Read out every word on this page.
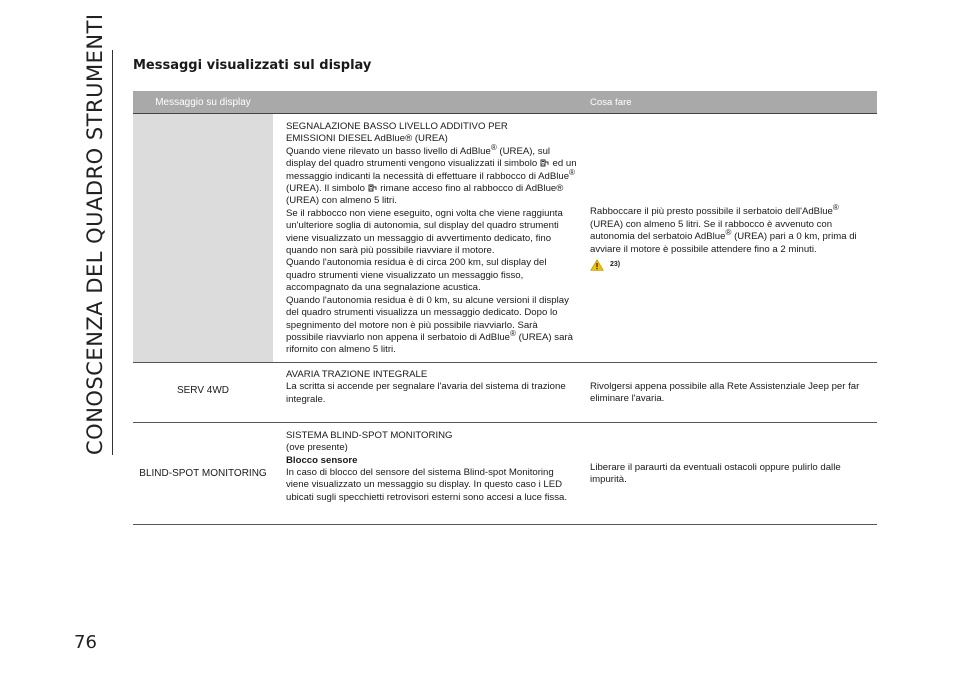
CONOSCENZA DEL QUADRO STRUMENTI
76
Messaggi visualizzati sul display
Messaggio su display	Cosa fare

SEGNALAZIONE BASSO LIVELLO ADDITIVO PER
EMISSIONI DIESEL AdBlue® (UREA)

Quando viene rilevato un basso livello di AdBlue® (UREA), sul display del quadro strumenti vengono visualizzati il simbolo ed un messaggio indicanti la necessità di effettuare il rabbocco di AdBlue® (UREA). Il simbolo rimane acceso fino al rabbocco di AdBlue® (UREA) con almeno 5 litri.

Se il rabbocco non viene eseguito, ogni volta che viene raggiunta un'ulteriore soglia di autonomia, sul display del quadro strumenti viene visualizzato un messaggio di avvertimento dedicato, fino quando non sarà più possibile riavviare il motore.

Quando l'autonomia residua è di circa 200 km, sul display del quadro strumenti viene visualizzato un messaggio fisso, accompagnato da una segnalazione acustica.

Quando l'autonomia residua è di 0 km, su alcune versioni il display del quadro strumenti visualizza un messaggio dedicato. Dopo lo spegnimento del motore non è più possibile riavviarlo. Sarà possibile riavviarlo non appena il serbatoio di AdBlue® (UREA) sarà rifornito con almeno 5 litri.

Rabboccare il più presto possibile il serbatoio dell'AdBlue® (UREA) con almeno 5 litri. Se il rabbocco è avvenuto con autonomia del serbatoio AdBlue® (UREA) pari a 0 km, prima di avviare il motore è possibile attendere fino a 2 minuti.

23)
SERV 4WD

AVARIA TRAZIONE INTEGRALE

La scritta si accende per segnalare l'avaria del sistema di trazione integrale.

Rivolgersi appena possibile alla Rete Assistenziale Jeep per far eliminare l'avaria.

BLIND-SPOT MONITORING

SISTEMA BLIND-SPOT MONITORING

(ove presente)

Blocco sensore

In caso di blocco del sensore del sistema Blind-spot Monitoring viene visualizzato un messaggio su display. In questo caso i LED ubicati sugli specchietti retrovisori esterni sono accesi a luce fissa.

Liberare il paraurti da eventuali ostacoli oppure pulirlo dalle impurità.
